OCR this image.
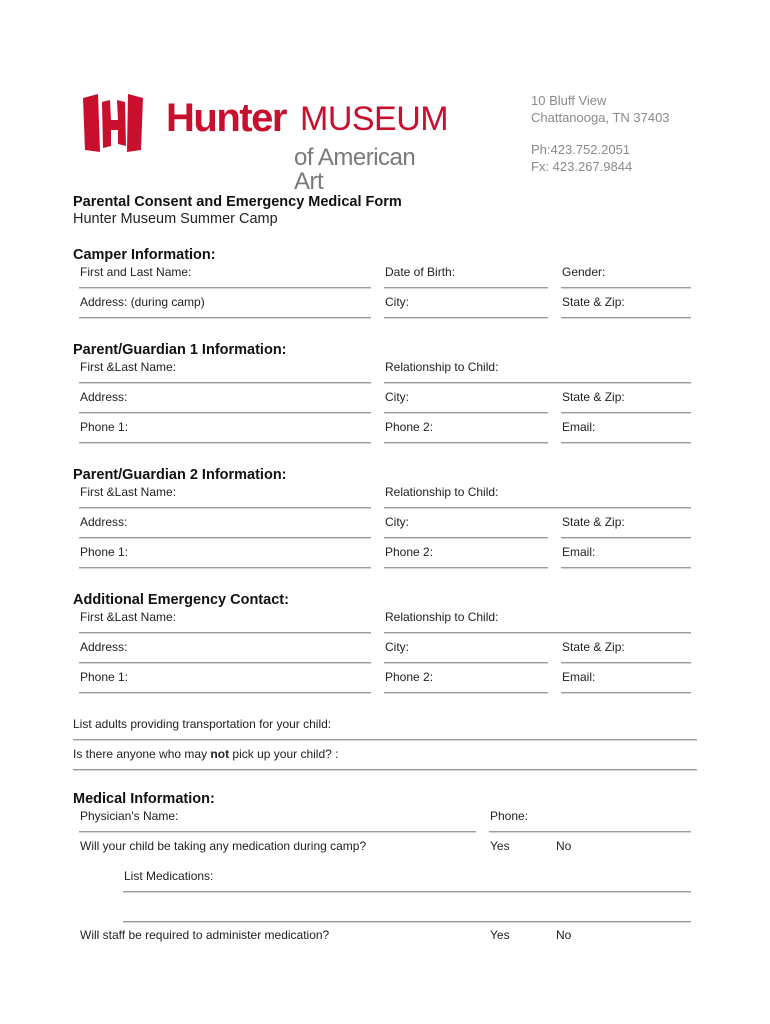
Hunter MUSEUM
of American Art
10 Bluff View
Chattanooga, TN 37403
Ph:423.752.2051
Fx: 423.267.9844
Parental Consent and Emergency Medical Form
Hunter Museum Summer Camp
Camper Information:
First and Last Name:	Date of Birth:	Gender:
Address: (during camp)	City:	State & Zip:
Parent/Guardian 1 Information:
First &Last Name:	Relationship to Child:
Address:	City:	State & Zip:
Phone 1:	Phone 2:	Email:
Parent/Guardian 2 Information:
First &Last Name:	Relationship to Child:
Address:	City:	State & Zip:
Phone 1:	Phone 2:	Email:
Additional Emergency Contact:
First &Last Name:	Relationship to Child:
Address:	City:	State & Zip:
Phone 1:	Phone 2:	Email:
List adults providing transportation for your child:
Is there anyone who may not pick up your child? :
Medical Information:
Physician's Name:	Phone:
Will your child be taking any medication during camp?	Yes	No
List Medications:
Will staff be required to administer medication?	Yes	No
